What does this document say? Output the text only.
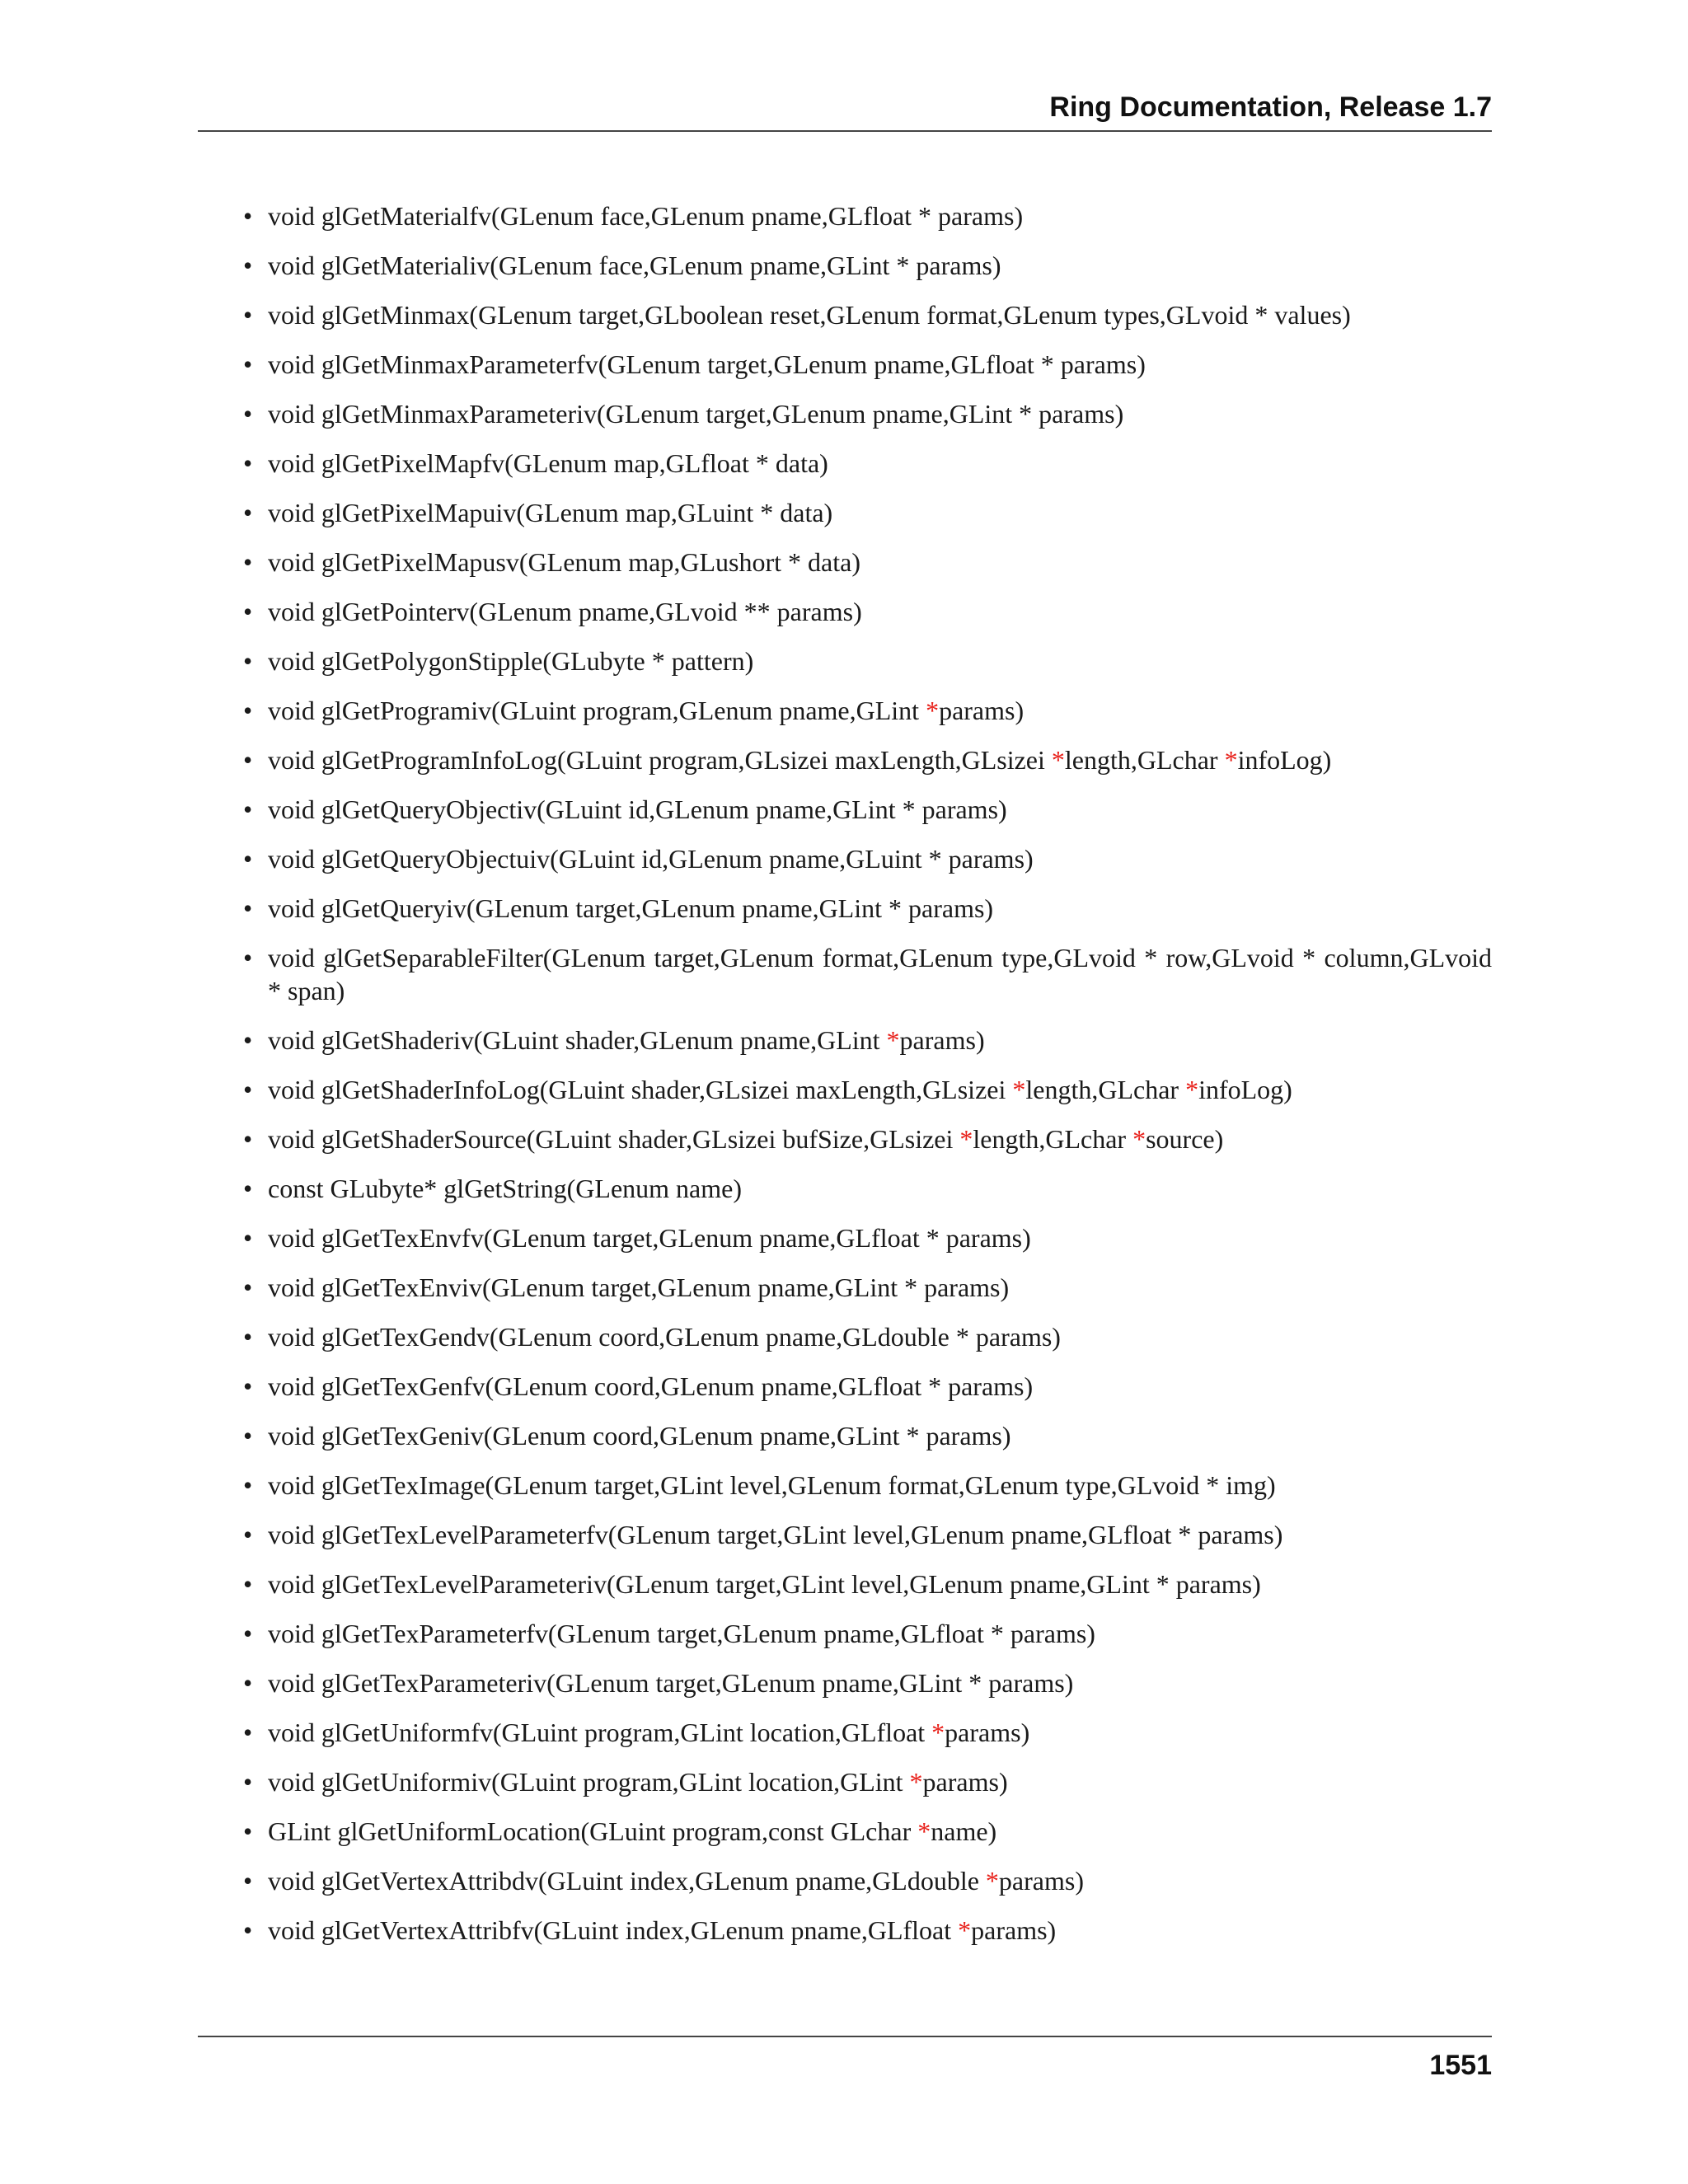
Ring Documentation, Release 1.7
• void glGetMaterialfv(GLenum face,GLenum pname,GLfloat * params)
• void glGetMaterialiv(GLenum face,GLenum pname,GLint * params)
• void glGetMinmax(GLenum target,GLboolean reset,GLenum format,GLenum types,GLvoid * values)
• void glGetMinmaxParameterfv(GLenum target,GLenum pname,GLfloat * params)
• void glGetMinmaxParameteriv(GLenum target,GLenum pname,GLint * params)
• void glGetPixelMapfv(GLenum map,GLfloat * data)
• void glGetPixelMapuiv(GLenum map,GLuint * data)
• void glGetPixelMapusv(GLenum map,GLushort * data)
• void glGetPointerv(GLenum pname,GLvoid ** params)
• void glGetPolygonStipple(GLubyte * pattern)
• void glGetProgramiv(GLuint program,GLenum pname,GLint *params)
• void glGetProgramInfoLog(GLuint program,GLsizei maxLength,GLsizei *length,GLchar *infoLog)
• void glGetQueryObjectiv(GLuint id,GLenum pname,GLint * params)
• void glGetQueryObjectuiv(GLuint id,GLenum pname,GLuint * params)
• void glGetQueryiv(GLenum target,GLenum pname,GLint * params)
• void glGetSeparableFilter(GLenum target,GLenum format,GLenum type,GLvoid * row,GLvoid * column,GLvoid * span)
• void glGetShaderiv(GLuint shader,GLenum pname,GLint *params)
• void glGetShaderInfoLog(GLuint shader,GLsizei maxLength,GLsizei *length,GLchar *infoLog)
• void glGetShaderSource(GLuint shader,GLsizei bufSize,GLsizei *length,GLchar *source)
• const GLubyte* glGetString(GLenum name)
• void glGetTexEnvfv(GLenum target,GLenum pname,GLfloat * params)
• void glGetTexEnviv(GLenum target,GLenum pname,GLint * params)
• void glGetTexGendv(GLenum coord,GLenum pname,GLdouble * params)
• void glGetTexGenfv(GLenum coord,GLenum pname,GLfloat * params)
• void glGetTexGeniv(GLenum coord,GLenum pname,GLint * params)
• void glGetTexImage(GLenum target,GLint level,GLenum format,GLenum type,GLvoid * img)
• void glGetTexLevelParameterfv(GLenum target,GLint level,GLenum pname,GLfloat * params)
• void glGetTexLevelParameteriv(GLenum target,GLint level,GLenum pname,GLint * params)
• void glGetTexParameterfv(GLenum target,GLenum pname,GLfloat * params)
• void glGetTexParameteriv(GLenum target,GLenum pname,GLint * params)
• void glGetUniformfv(GLuint program,GLint location,GLfloat *params)
• void glGetUniformiv(GLuint program,GLint location,GLint *params)
• GLint glGetUniformLocation(GLuint program,const GLchar *name)
• void glGetVertexAttribdv(GLuint index,GLenum pname,GLdouble *params)
• void glGetVertexAttribfv(GLuint index,GLenum pname,GLfloat *params)
1551
